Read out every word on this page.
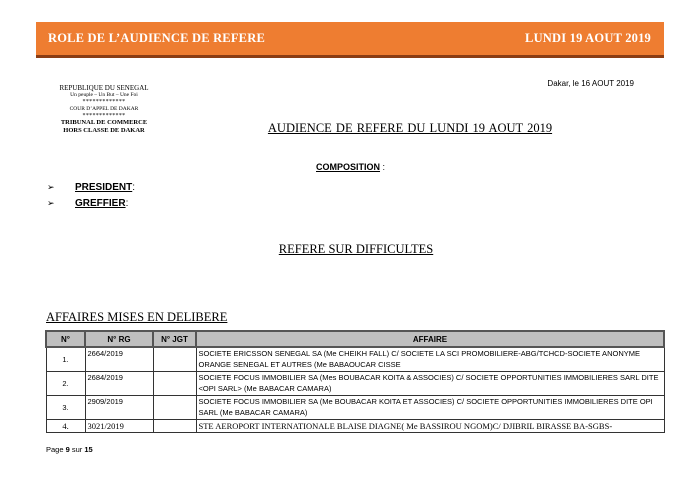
ROLE DE L’AUDIENCE DE REFERE	LUNDI 19 AOUT 2019
REPUBLIQUE DU SENEGAL
Un peuple – Un But – Une Foi
*************
COUR D’APPEL DE DAKAR
*************
TRIBUNAL DE COMMERCE
HORS CLASSE DE DAKAR
Dakar, le 16 AOUT 2019
AUDIENCE DE REFERE DU LUNDI 19 AOUT 2019
COMPOSITION :
➢	PRESIDENT :
➢	GREFFIER :
REFERE SUR DIFFICULTES
AFFAIRES MISES EN DELIBERE
N°	N° RG	N° JGT	AFFAIRE
1.	2664/2019		SOCIETE ERICSSON SENEGAL SA (Me CHEIKH FALL) C/ SOCIETE LA SCI PROMOBILIERE-ABG/TCHCD-SOCIETE ANONYME ORANGE SENEGAL ET AUTRES (Me BABAOUCAR CISSE
2.	2684/2019		SOCIETE FOCUS IMMOBILIER SA (Mes BOUBACAR KOITA & ASSOCIES) C/ SOCIETE OPPORTUNITIES IMMOBILIERES SARL DITE <OPI SARL> (Me BABACAR CAMARA)
3.	2909/2019		SOCIETE FOCUS IMMOBILIER SA (Me BOUBACAR KOITA ET ASSOCIES) C/ SOCIETE OPPORTUNITIES IMMOBILIERES DITE OPI SARL (Me BABACAR CAMARA)
4.	3021/2019		STE AEROPORT INTERNATIONALE BLAISE DIAGNE( Me BASSIROU NGOM)C/ DJIBRIL BIRASSE BA-SGBS-
Page 9 sur 15
